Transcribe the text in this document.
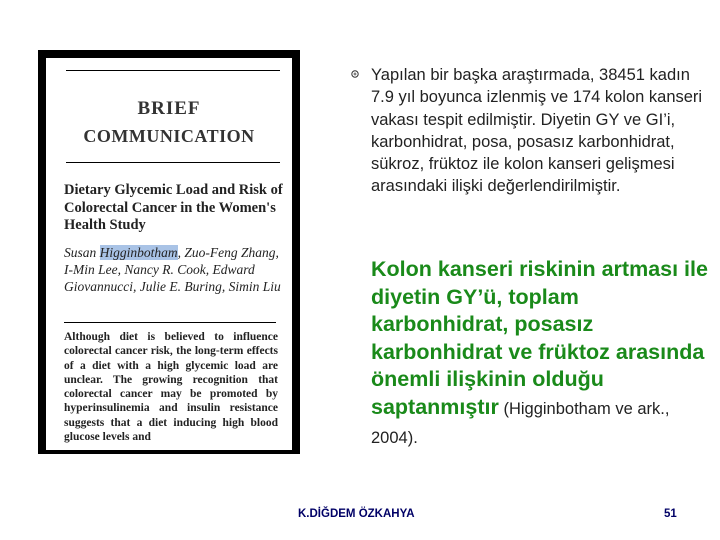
BRIEF
COMMUNICATION
Dietary Glycemic Load and Risk of Colorectal Cancer in the Women's Health Study
Susan Higginbotham, Zuo-Feng Zhang, I-Min Lee, Nancy R. Cook, Edward Giovannucci, Julie E. Buring, Simin Liu
Although diet is believed to influence colorectal cancer risk, the long-term effects of a diet with a high glycemic load are unclear. The growing recognition that colorectal cancer may be promoted by hyperinsulinemia and insulin resistance suggests that a diet inducing high blood glucose levels and
Yapılan bir başka araştırmada, 38451 kadın 7.9 yıl boyunca izlenmiş ve 174 kolon kanseri vakası tespit edilmiştir. Diyetin GY ve GI’i, karbonhidrat, posa, posasız karbonhidrat, sükroz, früktoz ile kolon kanseri gelişmesi arasındaki ilişki değerlendirilmiştir.
Kolon kanseri riskinin artması ile diyetin GY’ü, toplam karbonhidrat, posasız karbonhidrat ve früktoz arasında önemli ilişkinin olduğu saptanmıştır (Higginbotham ve ark., 2004).
K.DİĞDEM ÖZKAHYA	51
